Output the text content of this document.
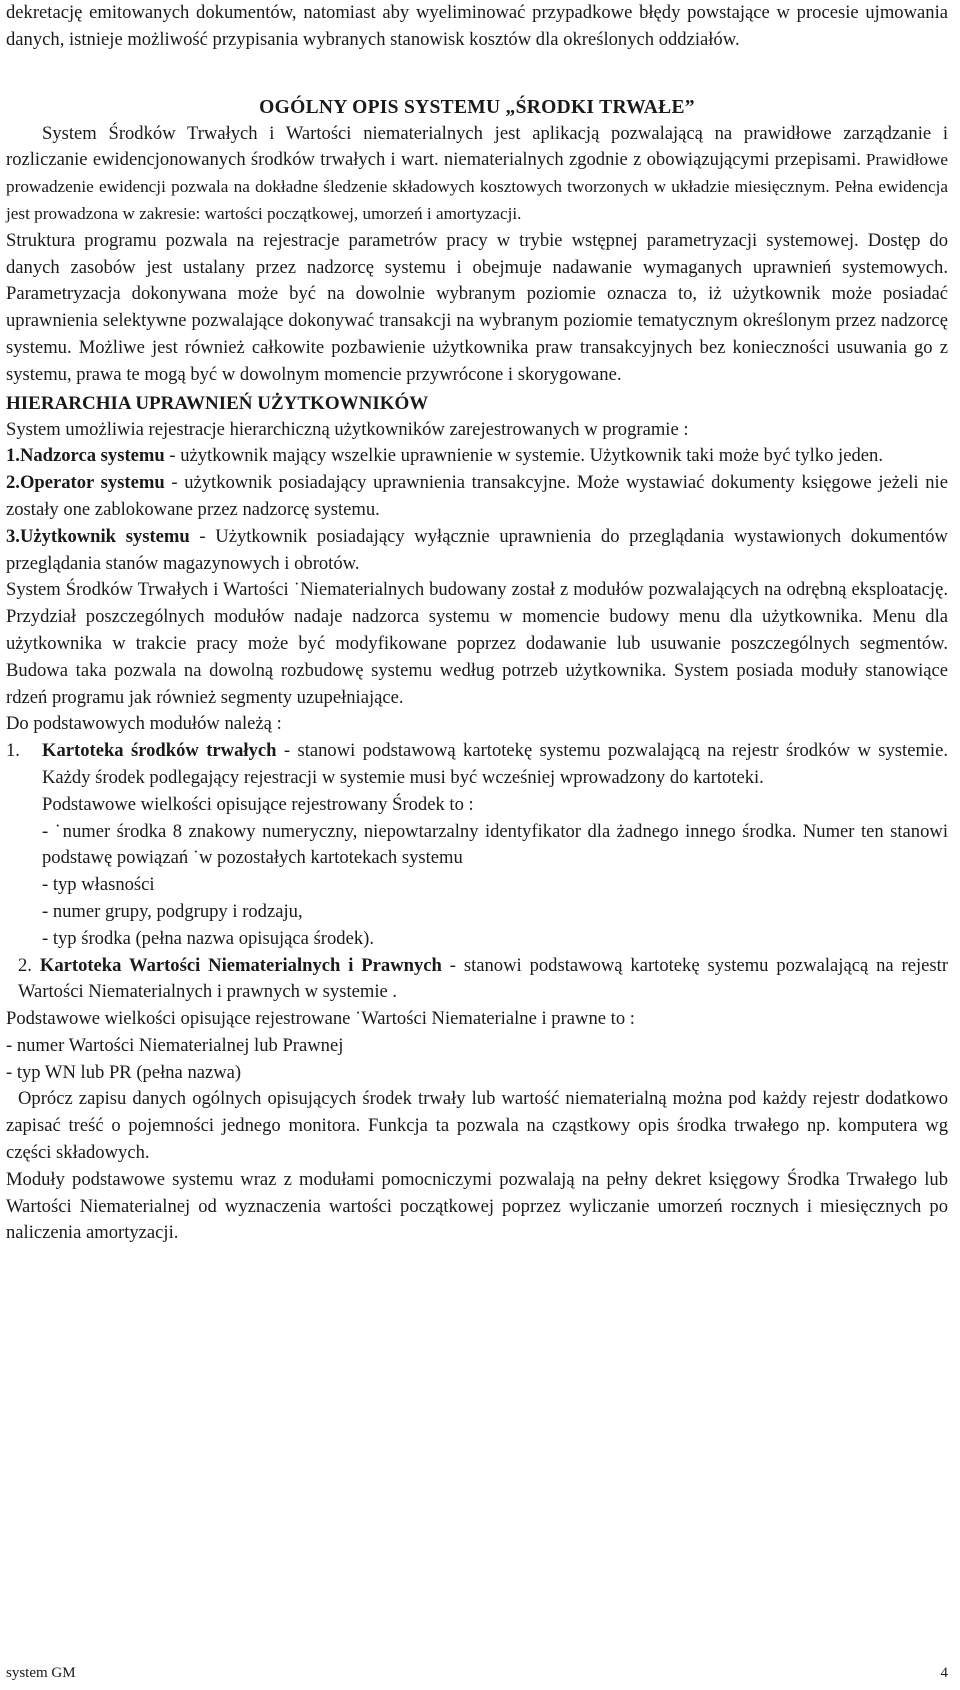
dekretację emitowanych dokumentów, natomiast aby wyeliminować przypadkowe błędy powstające w procesie ujmowania danych, istnieje możliwość przypisania wybranych stanowisk kosztów dla określonych oddziałów.

OGÓLNY OPIS SYSTEMU „ŚRODKI TRWAŁE”

System Środków Trwałych i Wartości niematerialnych jest aplikacją pozwalającą na prawidłowe zarządzanie i rozliczanie ewidencjonowanych środków trwałych i wart. niematerialnych zgodnie z obowiązującymi przepisami. Prawidłowe prowadzenie ewidencji pozwala na dokładne śledzenie składowych kosztowych tworzonych w układzie miesięcznym. Pełna ewidencja jest prowadzona w zakresie: wartości początkowej, umorzeń i amortyzacji.

Struktura programu pozwala na rejestracje parametrów pracy w trybie wstępnej parametryzacji systemowej. Dostęp do danych zasobów jest ustalany przez nadzorcę systemu i obejmuje nadawanie wymaganych uprawnień systemowych. Parametryzacja dokonywana może być na dowolnie wybranym poziomie oznacza to, iż użytkownik może posiadać uprawnienia selektywne pozwalające dokonywać transakcji na wybranym poziomie tematycznym określonym przez nadzorcę systemu. Możliwe jest również całkowite pozbawienie użytkownika praw transakcyjnych bez konieczności usuwania go z systemu, prawa te mogą być w dowolnym momencie przywrócone i skorygowane.

HIERARCHIA UPRAWNIEŃ UŻYTKOWNIKÓW

System umożliwia rejestracje hierarchiczną użytkowników zarejestrowanych w programie :

1.Nadzorca systemu - użytkownik mający wszelkie uprawnienie w systemie. Użytkownik taki może być tylko jeden.

2.Operator systemu - użytkownik posiadający uprawnienia transakcyjne. Może wystawiać dokumenty księgowe jeżeli nie zostały one zablokowane przez nadzorcę systemu.

3.Użytkownik systemu - Użytkownik posiadający wyłącznie uprawnienia do przeglądania wystawionych dokumentów przeglądania stanów magazynowych i obrotów.

System Środków Trwałych i Wartości ˙Niematerialnych budowany został z modułów pozwalających na odrębną eksploatację. Przydział poszczególnych modułów nadaje nadzorca systemu w momencie budowy menu dla użytkownika. Menu dla użytkownika w trakcie pracy może być modyfikowane poprzez dodawanie lub usuwanie poszczególnych segmentów. Budowa taka pozwala na dowolną rozbudowę systemu według potrzeb użytkownika. System posiada moduły stanowiące rdzeń programu jak również segmenty uzupełniające.

Do podstawowych modułów należą :

1.	Kartoteka środków trwałych - stanowi podstawową kartotekę systemu pozwalającą na rejestr środków w systemie. Każdy środek podlegający rejestracji w systemie musi być wcześniej wprowadzony do kartoteki.
Podstawowe wielkości opisujące rejestrowany Środek to :
- ˙numer środka 8 znakowy numeryczny, niepowtarzalny identyfikator dla żadnego innego środka. Numer ten stanowi podstawę powiązań ˙w pozostałych kartotekach systemu
- typ własności
- numer grupy, podgrupy i rodzaju,
- typ środka (pełna nazwa opisująca środek).

2. Kartoteka Wartości Niematerialnych i Prawnych - stanowi podstawową kartotekę systemu pozwalającą na rejestr Wartości Niematerialnych i prawnych w systemie .

Podstawowe wielkości opisujące rejestrowane ˙Wartości Niematerialne i prawne to :

- numer Wartości Niematerialnej lub Prawnej

- typ WN lub PR (pełna nazwa)

Oprócz zapisu danych ogólnych opisujących środek trwały lub wartość niematerialną można pod każdy rejestr dodatkowo zapisać treść o pojemności jednego monitora. Funkcja ta pozwala na cząstkowy opis środka trwałego np. komputera wg części składowych.

Moduły podstawowe systemu wraz z modułami pomocniczymi pozwalają na pełny dekret księgowy Środka Trwałego lub Wartości Niematerialnej od wyznaczenia wartości początkowej poprzez wyliczanie umorzeń rocznych i miesięcznych po naliczenia amortyzacji.

system GM	4
